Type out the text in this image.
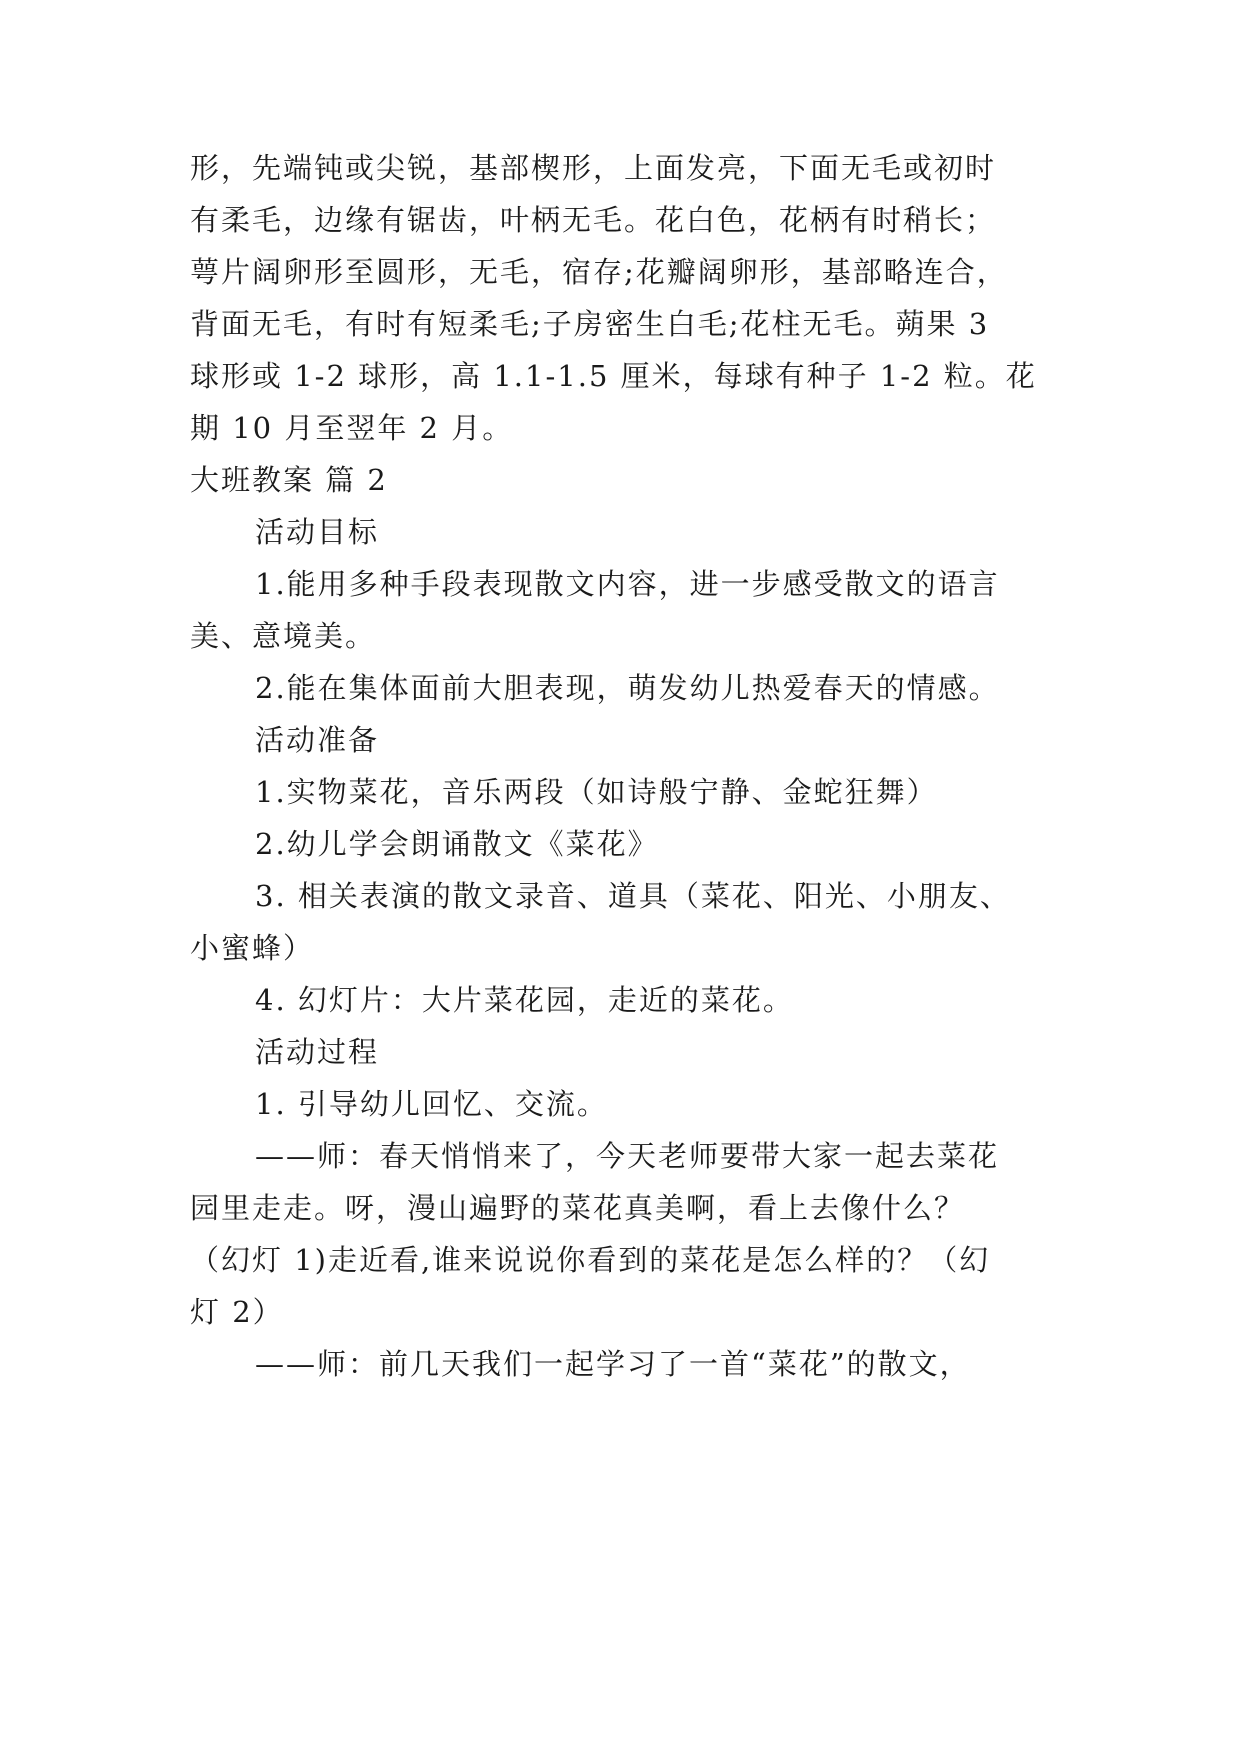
形，先端钝或尖锐，基部楔形，上面发亮，下面无毛或初时
有柔毛，边缘有锯齿，叶柄无毛。花白色，花柄有时稍长；
萼片阔卵形至圆形，无毛，宿存;花瓣阔卵形，基部略连合，
背面无毛，有时有短柔毛;子房密生白毛;花柱无毛。蒴果 3
球形或 1-2 球形，高 1.1-1.5 厘米，每球有种子 1-2 粒。花
期 10 月至翌年 2 月。
大班教案 篇 2
活动目标
1.能用多种手段表现散文内容，进一步感受散文的语言
美、意境美。
2.能在集体面前大胆表现，萌发幼儿热爱春天的情感。
活动准备
1.实物菜花，音乐两段（如诗般宁静、金蛇狂舞）
2.幼儿学会朗诵散文《菜花》
3. 相关表演的散文录音、道具（菜花、阳光、小朋友、
小蜜蜂）
4. 幻灯片：大片菜花园，走近的菜花。
活动过程
1. 引导幼儿回忆、交流。
——师：春天悄悄来了，今天老师要带大家一起去菜花
园里走走。呀，漫山遍野的菜花真美啊，看上去像什么？
（幻灯 1)走近看,谁来说说你看到的菜花是怎么样的？（幻
灯 2）
——师：前几天我们一起学习了一首“菜花”的散文，
